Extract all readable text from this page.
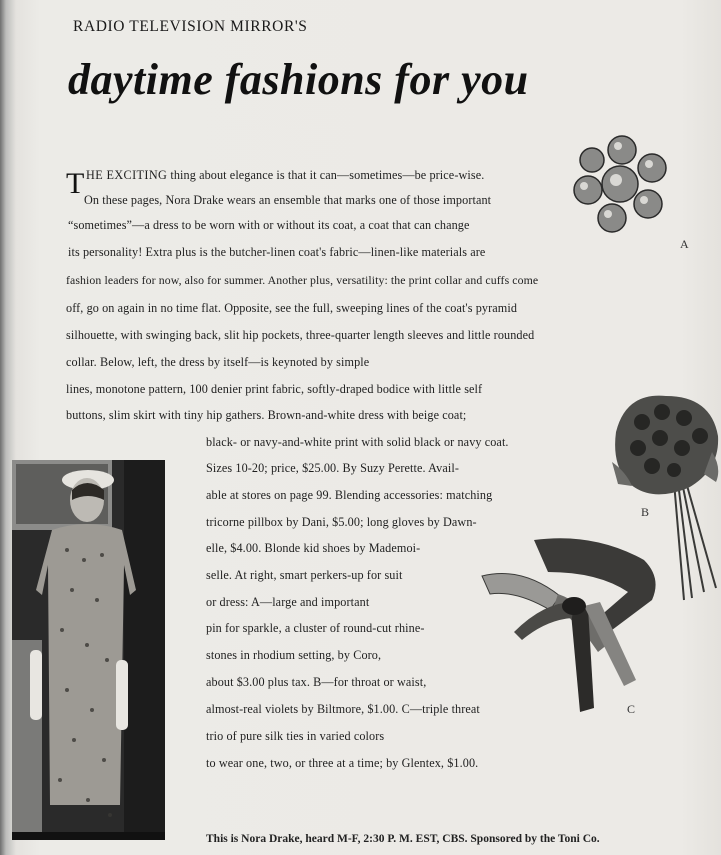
RADIO TELEVISION MIRROR'S
daytime fashions for you
T HE EXCITING thing about elegance is that it can—sometimes—be price-wise.
On these pages, Nora Drake wears an ensemble that marks one of those important
“sometimes”—a dress to be worn with or without its coat, a coat that can change
its personality! Extra plus is the butcher-linen coat's fabric—linen-like materials are
fashion leaders for now, also for summer. Another plus, versatility: the print collar and cuffs come
off, go on again in no time flat. Opposite, see the full, sweeping lines of the coat's pyramid
silhouette, with swinging back, slit hip pockets, three-quarter length sleeves and little rounded
collar. Below, left, the dress by itself—is keynoted by simple
lines, monotone pattern, 100 denier print fabric, softly-draped bodice with little self
buttons, slim skirt with tiny hip gathers. Brown-and-white dress with beige coat;
black- or navy-and-white print with solid black or navy coat.
Sizes 10-20; price, $25.00. By Suzy Perette. Avail-
able at stores on page 99. Blending accessories: matching
tricorne pillbox by Dani, $5.00; long gloves by Dawn-
elle, $4.00. Blonde kid shoes by Mademoi-
selle. At right, smart perkers-up for suit
or dress: A—large and important
pin for sparkle, a cluster of round-cut rhine-
stones in rhodium setting, by Coro,
about $3.00 plus tax. B—for throat or waist,
almost-real violets by Biltmore, $1.00. C—triple threat
trio of pure silk ties in varied colors
to wear one, two, or three at a time; by Glentex, $1.00.
A
B
C
This is Nora Drake, heard M-F, 2:30 P. M. EST, CBS. Sponsored by the Toni Co.
